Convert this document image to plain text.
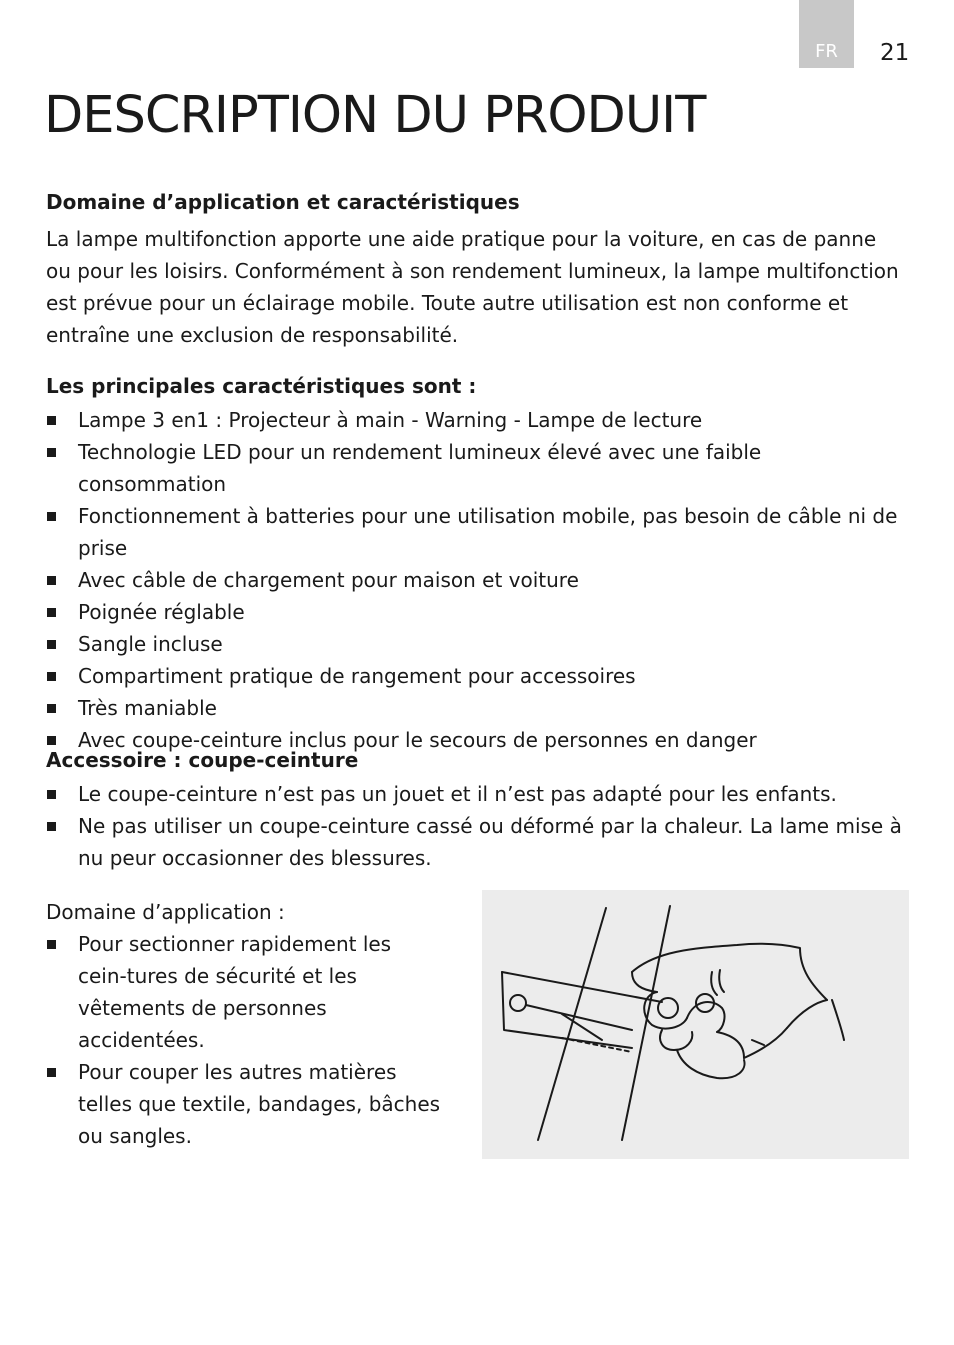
FR	21
DESCRIPTION DU PRODUIT
Domaine d’application et caractéristiques

La lampe multifonction apporte une aide pratique pour la voiture, en cas de panne ou pour les loisirs. Conformément à son rendement lumineux, la lampe multifonction est prévue pour un éclairage mobile. Toute autre utilisation est non conforme et entraîne une exclusion de responsabilité.

Les principales caractéristiques sont :
Lampe 3 en1 : Projecteur à main - Warning - Lampe de lecture
Technologie LED pour un rendement lumineux élevé avec une faible consommation
Fonctionnement à batteries pour une utilisation mobile, pas besoin de câble ni de prise
Avec câble de chargement pour maison et voiture
Poignée réglable
Sangle incluse
Compartiment pratique de rangement pour accessoires
Très maniable
Avec coupe-ceinture inclus pour le secours de personnes en danger
Accessoire : coupe-ceinture
Le coupe-ceinture n’est pas un jouet et il n’est pas adapté pour les enfants.
Ne pas utiliser un coupe-ceinture cassé ou déformé par la chaleur. La lame mise à nu peur occasionner des blessures.

Domaine d’application :

Pour sectionner rapidement les cein-tures de sécurité et les vêtements de personnes accidentées.
Pour couper les autres matières telles que textile, bandages, bâches ou sangles.
